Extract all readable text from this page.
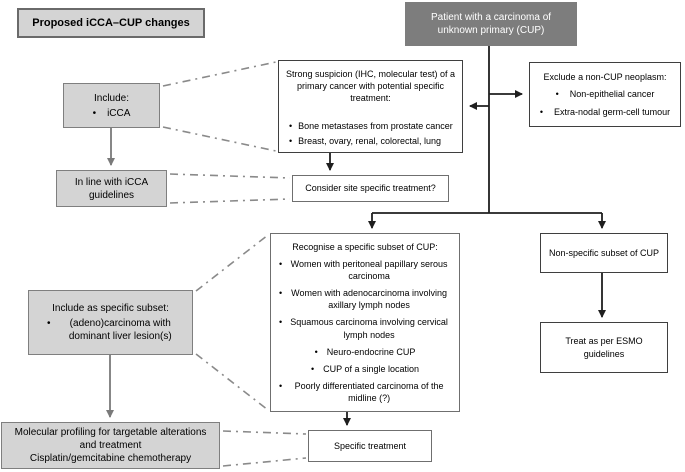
Proposed iCCA–CUP changes	Patient with a carcinoma of unknown primary (CUP)
Include:
• iCCA
In line with iCCA guidelines
Strong suspicion (IHC, molecular test) of a primary cancer with potential specific treatment:
• Bone metastases from prostate cancer
• Breast, ovary, renal, colorectal, lung
Exclude a non-CUP neoplasm:
• Non-epithelial cancer
• Extra-nodal germ-cell tumour
Consider site specific treatment?
Recognise a specific subset of CUP:
• Women with peritoneal papillary serous carcinoma
• Women with adenocarcinoma involving axillary lymph nodes
• Squamous carcinoma involving cervical lymph nodes
• Neuro-endocrine CUP
• CUP of a single location
•	Poorly differentiated carcinoma of the midline (?)
Non-specific subset of CUP
Treat as per ESMO guidelines
Include as specific subset:
•	(adeno)carcinoma with dominant liver lesion(s)
Molecular profiling for targetable alterations and treatment
Cisplatin/gemcitabine chemotherapy
Specific treatment
